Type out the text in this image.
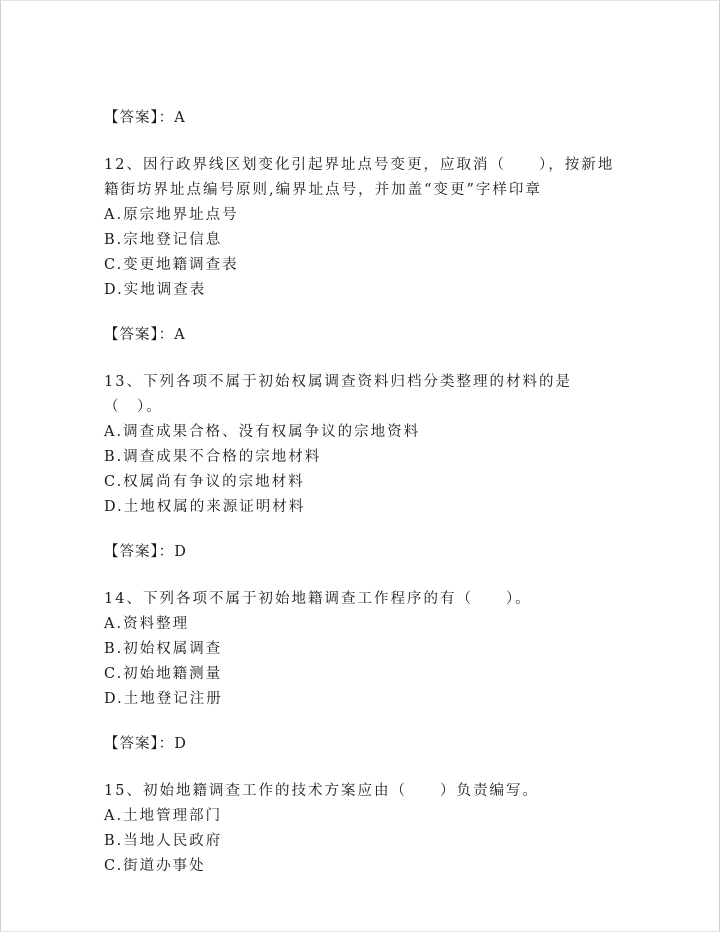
【答案】：A

12、因行政界线区划变化引起界址点号变更，应取消（　　），按新地籍街坊界址点编号原则,编界址点号，并加盖“变更”字样印章

A.原宗地界址点号
B.宗地登记信息
C.变更地籍调查表
D.实地调查表
【答案】：A

13、下列各项不属于初始权属调查资料归档分类整理的材料的是（　）。

A.调查成果合格、没有权属争议的宗地资料
B.调查成果不合格的宗地材料
C.权属尚有争议的宗地材料
D.土地权属的来源证明材料
【答案】：D

14、下列各项不属于初始地籍调查工作程序的有（　　）。

A.资料整理
B.初始权属调查
C.初始地籍测量
D.土地登记注册
【答案】：D

15、初始地籍调查工作的技术方案应由（　　）负责编写。

A.土地管理部门
B.当地人民政府
C.街道办事处
